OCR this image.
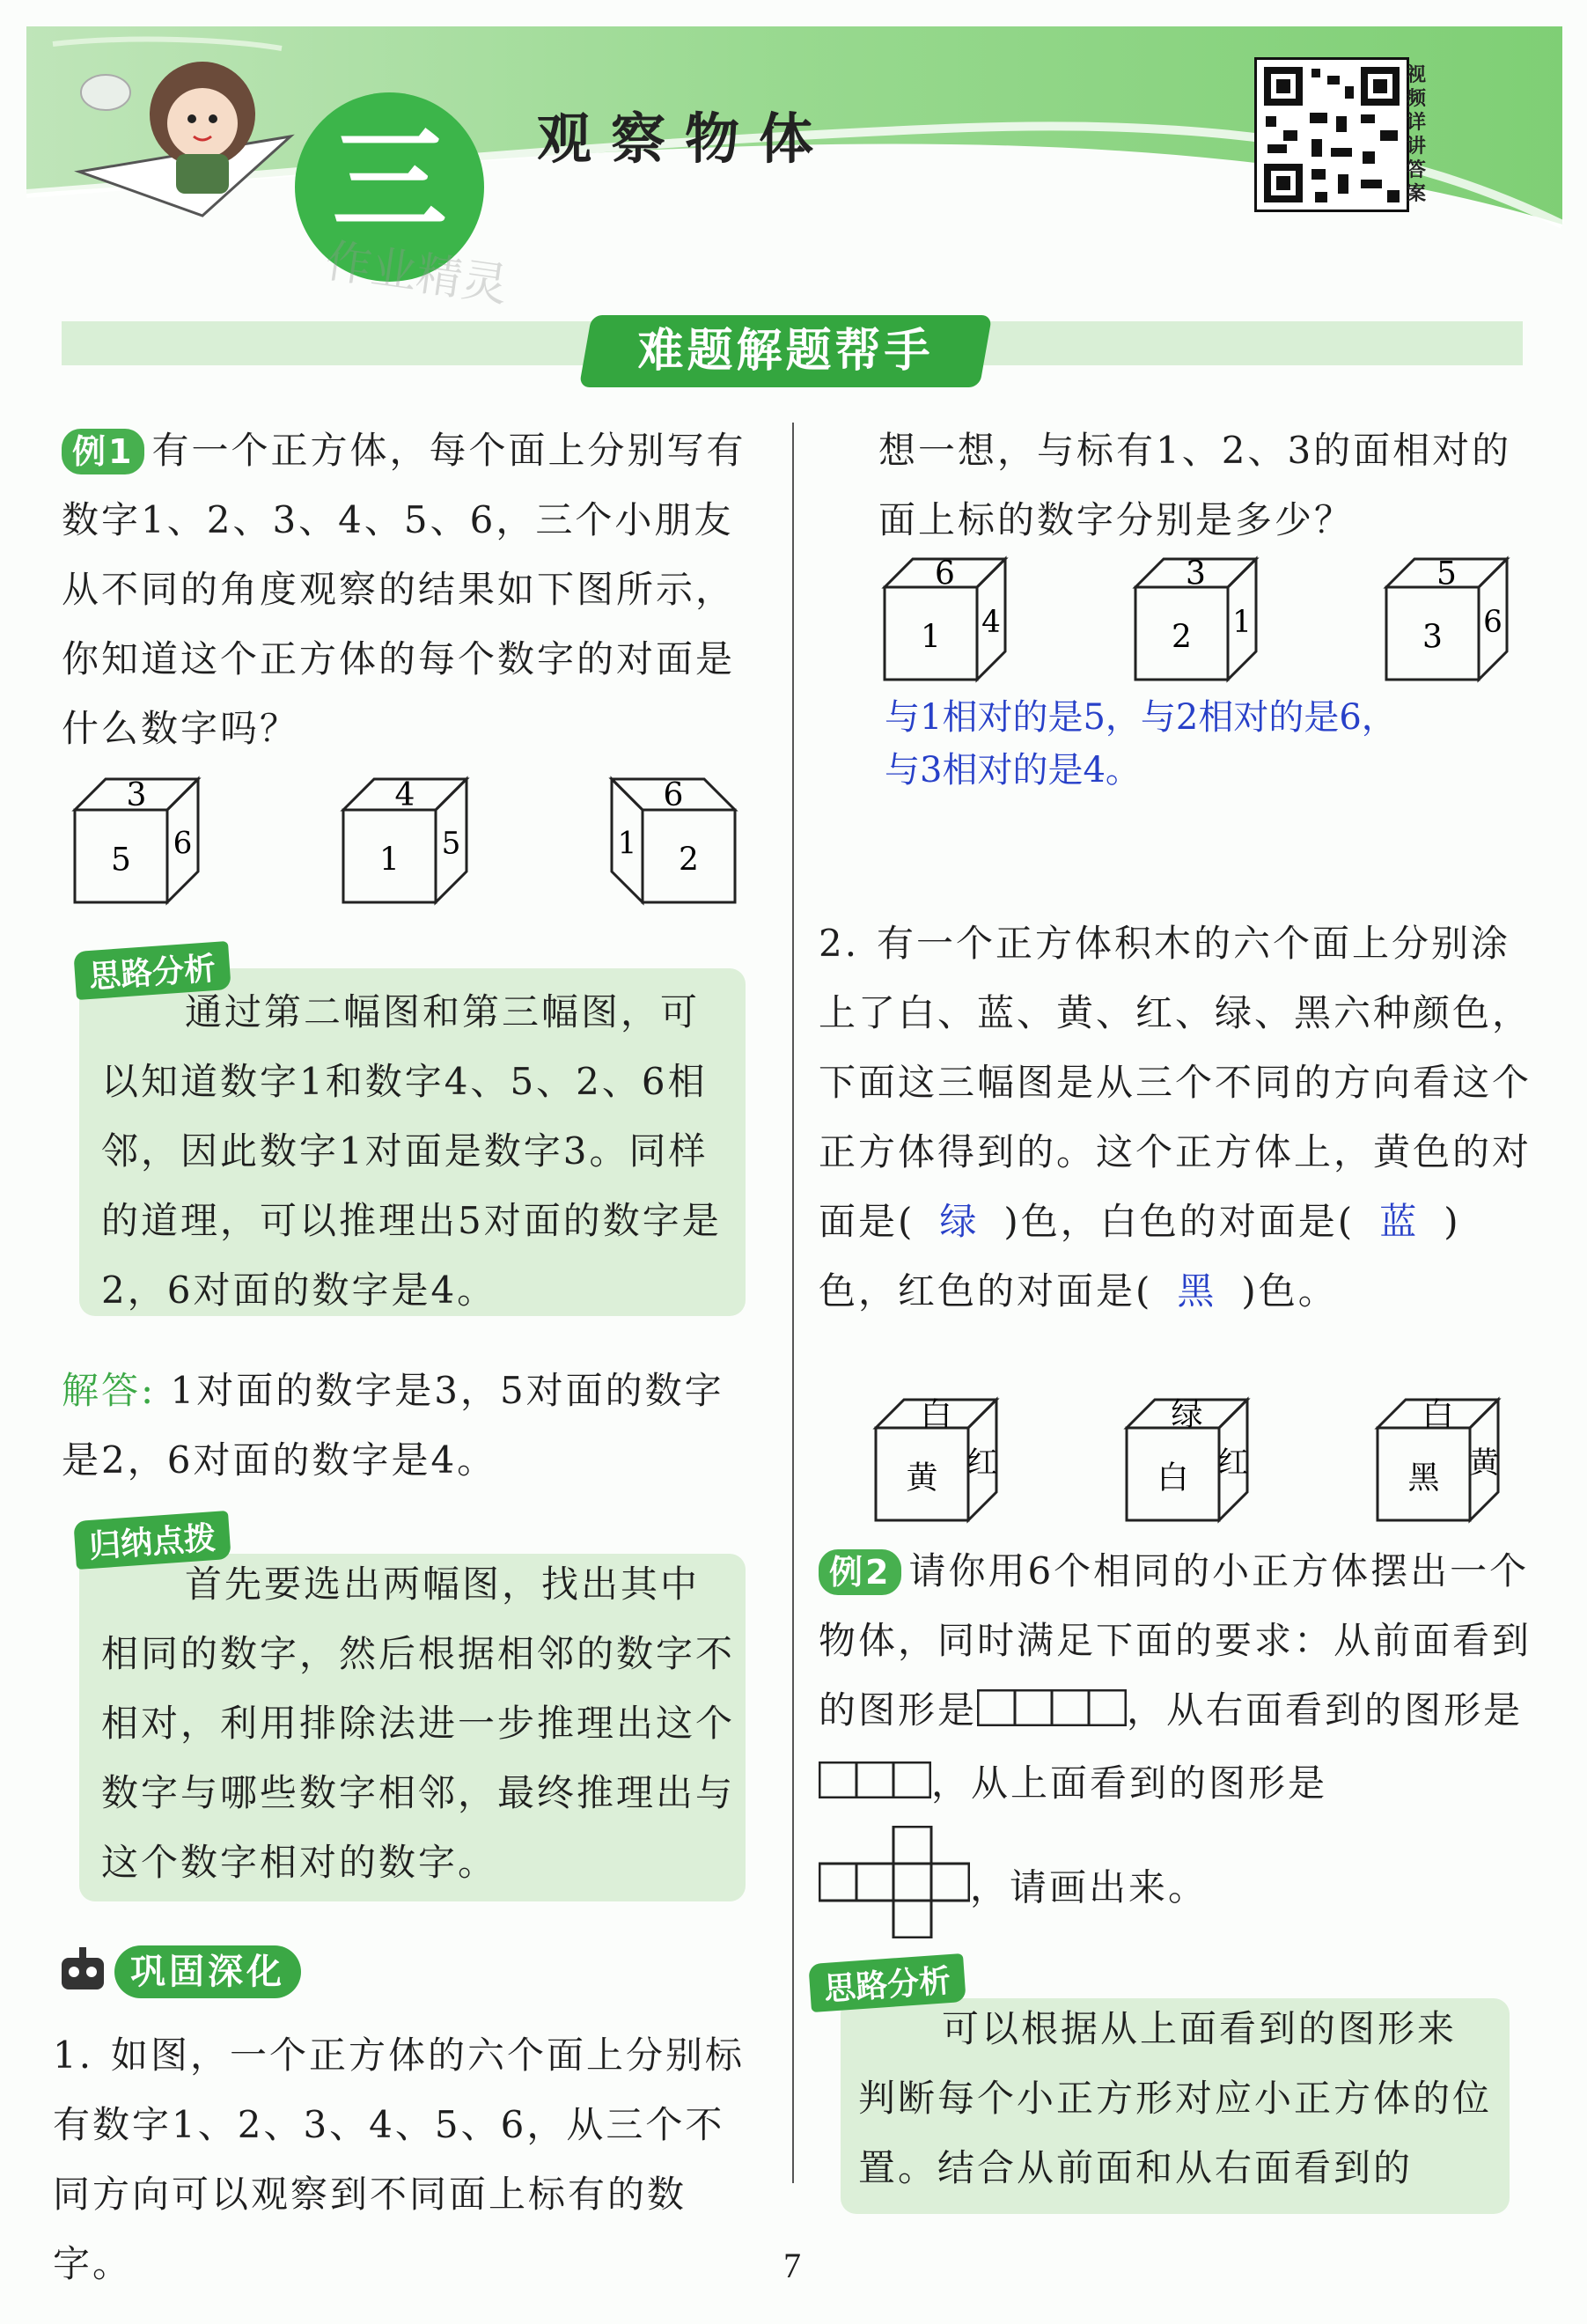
三	观察物体
视频详讲答案
作业精灵
难题解题帮手
例1 有一个正方体，每个面上分别写有数字1、2、3、4、5、6，三个小朋友从不同的角度观察的结果如下图所示，你知道这个正方体的每个数字的对面是什么数字吗？
3
5 6
4
1 5
6
2
1
思路分析
通过第二幅图和第三幅图，可以知道数字1和数字4、5、2、6相邻，因此数字1对面是数字3。同样的道理，可以推理出5对面的数字是2，6对面的数字是4。
解答: 1对面的数字是3，5对面的数字是2，6对面的数字是4。
归纳点拨
首先要选出两幅图，找出其中相同的数字，然后根据相邻的数字不相对，利用排除法进一步推理出这个数字与哪些数字相邻，最终推理出与这个数字相对的数字。
巩固深化
1. 如图，一个正方体的六个面上分别标有数字1、2、3、4、5、6，从三个不同方向可以观察到不同面上标有的数字。
想一想，与标有1、2、3的面相对的面上标的数字分别是多少？
6
1 4
3
2 1
5
3 6
与1相对的是5，与2相对的是6，
与3相对的是4。
2. 有一个正方体积木的六个面上分别涂上了白、蓝、黄、红、绿、黑六种颜色，下面这三幅图是从三个不同的方向看这个正方体得到的。这个正方体上，黄色的对面是( 绿 )色，白色的对面是( 蓝 )色，红色的对面是( 黑 )色。
白
黄 红
绿
白 红
白
黑 黄
例2 请你用6个相同的小正方体摆出一个物体，同时满足下面的要求：从前面看到的图形是	，从右面看到的图形是，从上面看到的图形是
，请画出来。
思路分析
可以根据从上面看到的图形来判断每个小正方形对应小正方体的位置。结合从前面和从右面看到的
7
